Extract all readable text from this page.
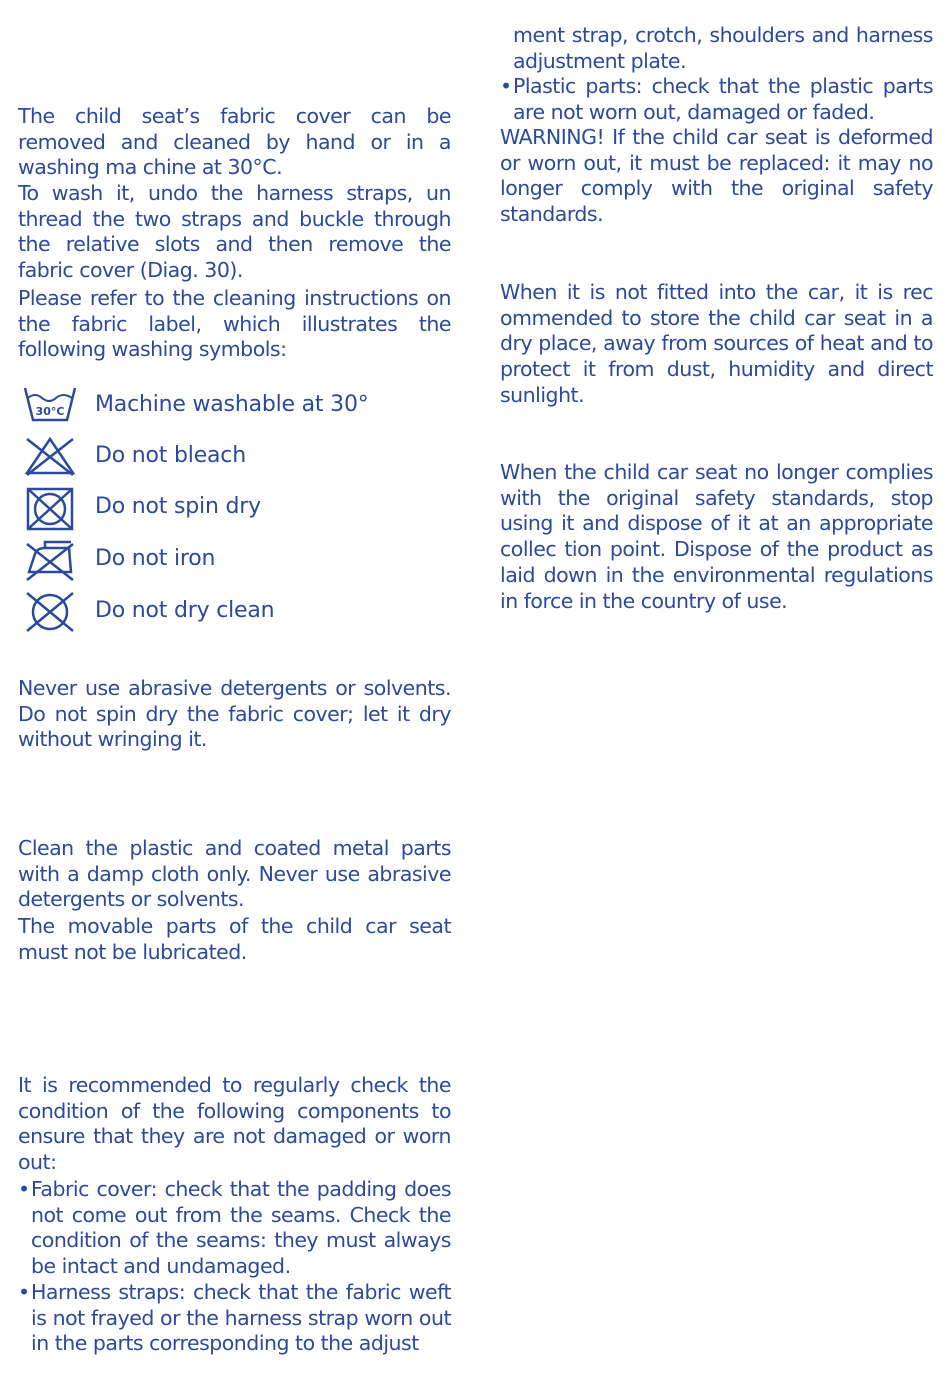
The child seat’s fabric cover can be removed and cleaned by hand or in a washing ma chine at 30°C.

To wash it, undo the harness straps, un thread the two straps and buckle through the relative slots and then remove the fabric cover (Diag. 30).

Please refer to the cleaning instructions on the fabric label, which illustrates the following washing symbols:

30°C Machine washable at 30°
Do not bleach
Do not spin dry
Do not iron
Do not dry clean

Never use abrasive detergents or solvents. Do not spin dry the fabric cover; let it dry without wringing it.

Clean the plastic and coated metal parts with a damp cloth only. Never use abrasive detergents or solvents.

The movable parts of the child car seat must not be lubricated.

It is recommended to regularly check the condition of the following components to ensure that they are not damaged or worn out:

• Fabric cover: check that the padding does not come out from the seams. Check the condition of the seams: they must always be intact and undamaged.
• Harness straps: check that the fabric weft is not frayed or the harness strap worn out in the parts corresponding to the adjust
ment strap, crotch, shoulders and harness adjustment plate.
• Plastic parts: check that the plastic parts are not worn out, damaged or faded.

WARNING! If the child car seat is deformed or worn out, it must be replaced: it may no longer comply with the original safety standards.

When it is not fitted into the car, it is rec ommended to store the child car seat in a dry place, away from sources of heat and to protect it from dust, humidity and direct sunlight.

When the child car seat no longer complies with the original safety standards, stop using it and dispose of it at an appropriate collec tion point. Dispose of the product as laid down in the environmental regulations in force in the country of use.
